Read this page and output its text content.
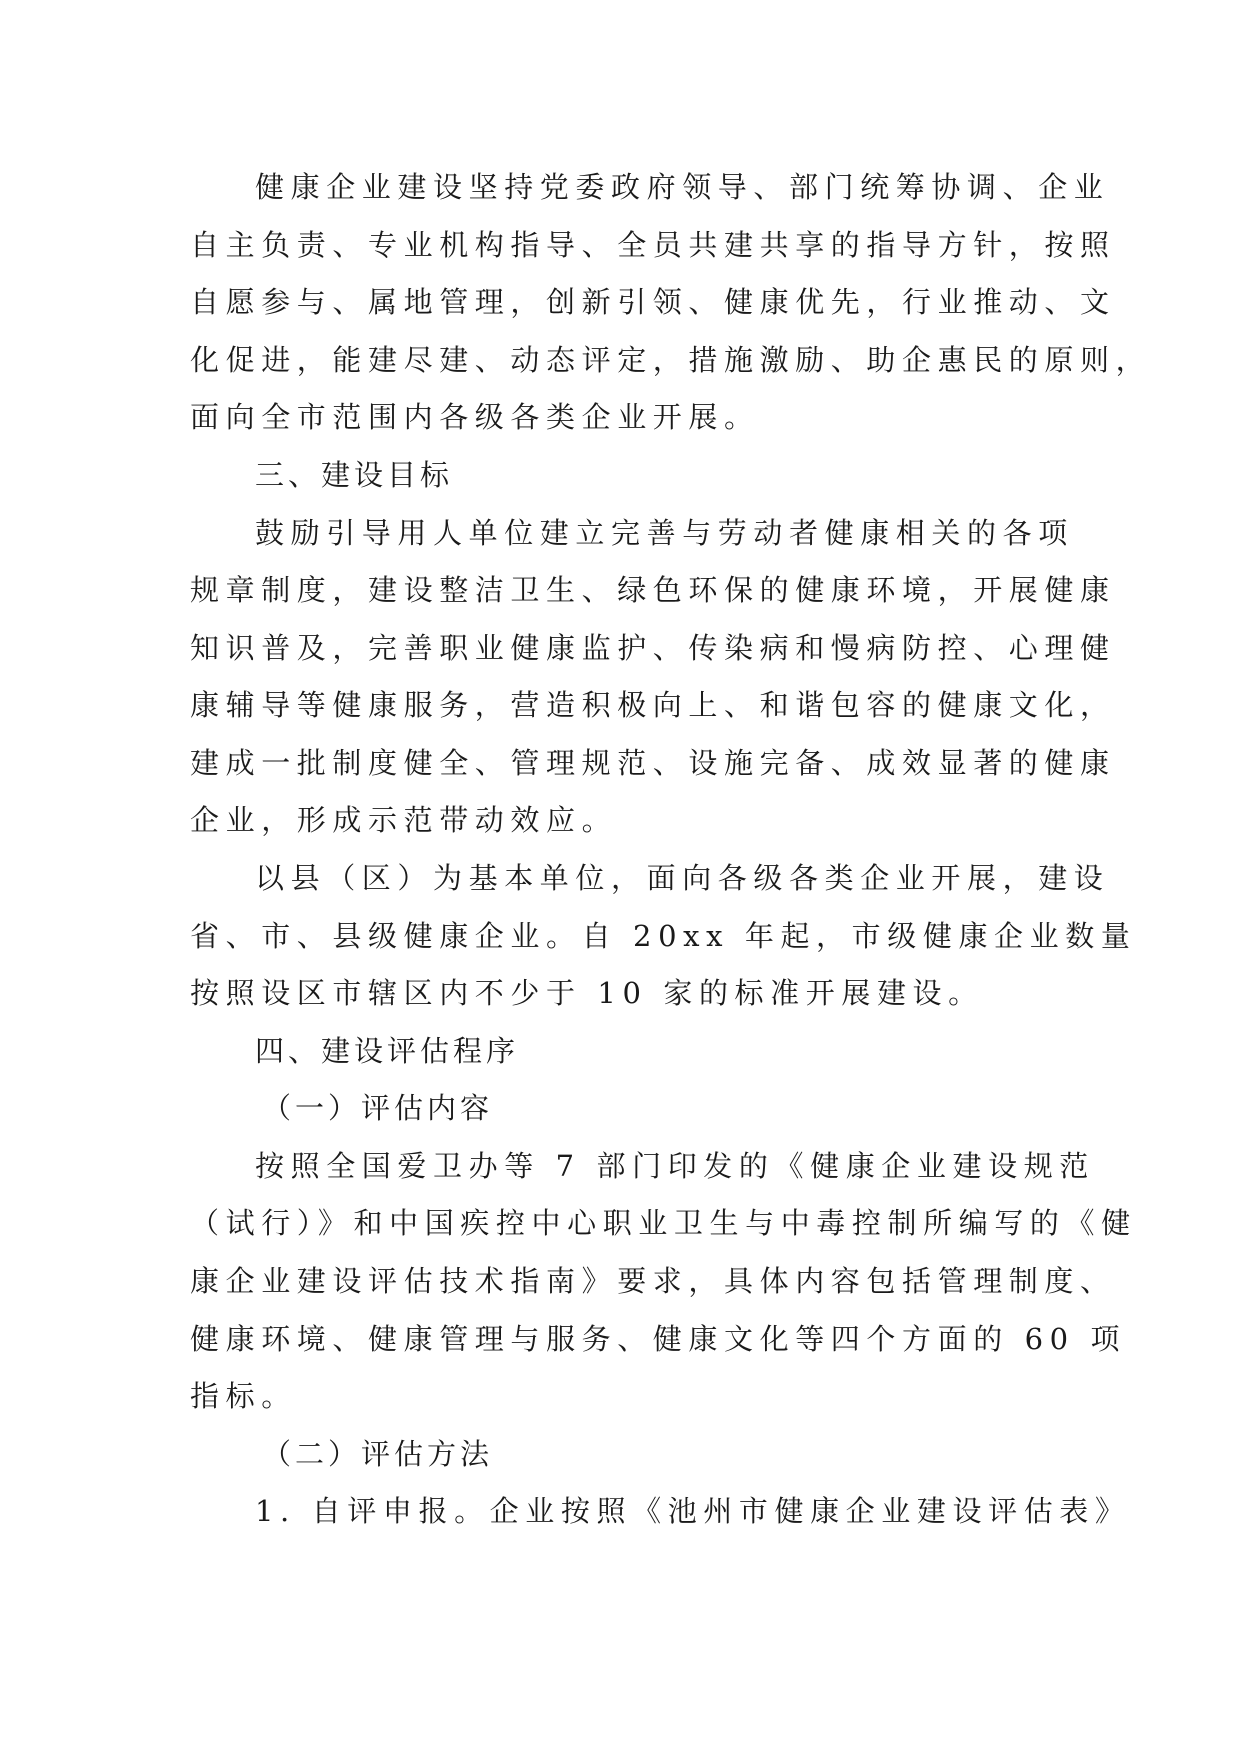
健康企业建设坚持党委政府领导、部门统筹协调、企业
自主负责、专业机构指导、全员共建共享的指导方针，按照
自愿参与、属地管理，创新引领、健康优先，行业推动、文
化促进，能建尽建、动态评定，措施激励、助企惠民的原则，
面向全市范围内各级各类企业开展。
三、建设目标
鼓励引导用人单位建立完善与劳动者健康相关的各项
规章制度，建设整洁卫生、绿色环保的健康环境，开展健康
知识普及，完善职业健康监护、传染病和慢病防控、心理健
康辅导等健康服务，营造积极向上、和谐包容的健康文化，
建成一批制度健全、管理规范、设施完备、成效显著的健康
企业，形成示范带动效应。
以县（区）为基本单位，面向各级各类企业开展，建设
省、市、县级健康企业。自 20xx 年起，市级健康企业数量
按照设区市辖区内不少于 10 家的标准开展建设。
四、建设评估程序
（一）评估内容
按照全国爱卫办等 7 部门印发的《健康企业建设规范
（试行）》和中国疾控中心职业卫生与中毒控制所编写的《健
康企业建设评估技术指南》要求，具体内容包括管理制度、
健康环境、健康管理与服务、健康文化等四个方面的 60 项
指标。
（二）评估方法
1. 自评申报。企业按照《池州市健康企业建设评估表》
